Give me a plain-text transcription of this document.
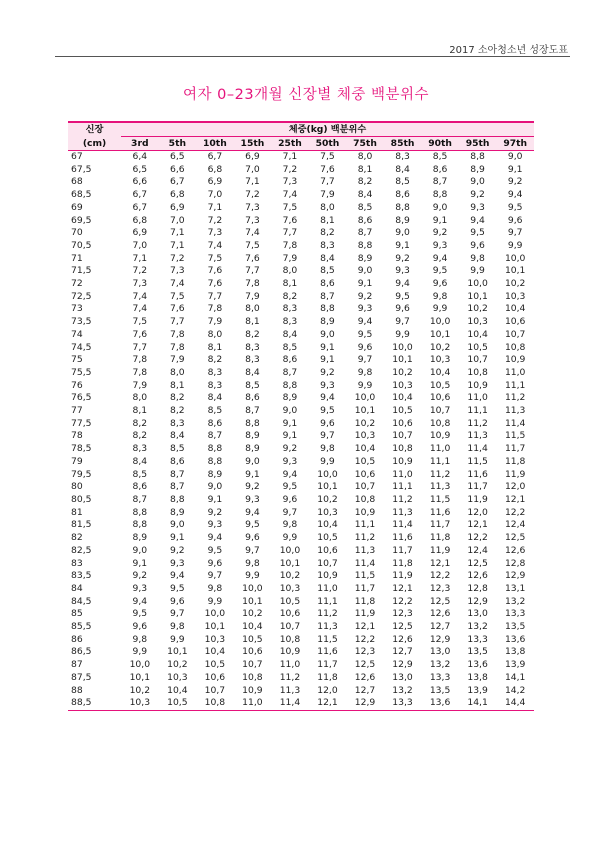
2017 소아청소년 성장도표
여자 0–23개월 신장별 체중 백분위수
신장	체중(kg) 백분위수										
(cm)	3rd	5th	10th	15th	25th	50th	75th	85th	90th	95th	97th
67	6,4	6,5	6,7	6,9	7,1	7,5	8,0	8,3	8,5	8,8	9,0
67,5	6,5	6,6	6,8	7,0	7,2	7,6	8,1	8,4	8,6	8,9	9,1
68	6,6	6,7	6,9	7,1	7,3	7,7	8,2	8,5	8,7	9,0	9,2
68,5	6,7	6,8	7,0	7,2	7,4	7,9	8,4	8,6	8,8	9,2	9,4
69	6,7	6,9	7,1	7,3	7,5	8,0	8,5	8,8	9,0	9,3	9,5
69,5	6,8	7,0	7,2	7,3	7,6	8,1	8,6	8,9	9,1	9,4	9,6
70	6,9	7,1	7,3	7,4	7,7	8,2	8,7	9,0	9,2	9,5	9,7
70,5	7,0	7,1	7,4	7,5	7,8	8,3	8,8	9,1	9,3	9,6	9,9
71	7,1	7,2	7,5	7,6	7,9	8,4	8,9	9,2	9,4	9,8	10,0
71,5	7,2	7,3	7,6	7,7	8,0	8,5	9,0	9,3	9,5	9,9	10,1
72	7,3	7,4	7,6	7,8	8,1	8,6	9,1	9,4	9,6	10,0	10,2
72,5	7,4	7,5	7,7	7,9	8,2	8,7	9,2	9,5	9,8	10,1	10,3
73	7,4	7,6	7,8	8,0	8,3	8,8	9,3	9,6	9,9	10,2	10,4
73,5	7,5	7,7	7,9	8,1	8,3	8,9	9,4	9,7	10,0	10,3	10,6
74	7,6	7,8	8,0	8,2	8,4	9,0	9,5	9,9	10,1	10,4	10,7
74,5	7,7	7,8	8,1	8,3	8,5	9,1	9,6	10,0	10,2	10,5	10,8
75	7,8	7,9	8,2	8,3	8,6	9,1	9,7	10,1	10,3	10,7	10,9
75,5	7,8	8,0	8,3	8,4	8,7	9,2	9,8	10,2	10,4	10,8	11,0
76	7,9	8,1	8,3	8,5	8,8	9,3	9,9	10,3	10,5	10,9	11,1
76,5	8,0	8,2	8,4	8,6	8,9	9,4	10,0	10,4	10,6	11,0	11,2
77	8,1	8,2	8,5	8,7	9,0	9,5	10,1	10,5	10,7	11,1	11,3
77,5	8,2	8,3	8,6	8,8	9,1	9,6	10,2	10,6	10,8	11,2	11,4
78	8,2	8,4	8,7	8,9	9,1	9,7	10,3	10,7	10,9	11,3	11,5
78,5	8,3	8,5	8,8	8,9	9,2	9,8	10,4	10,8	11,0	11,4	11,7
79	8,4	8,6	8,8	9,0	9,3	9,9	10,5	10,9	11,1	11,5	11,8
79,5	8,5	8,7	8,9	9,1	9,4	10,0	10,6	11,0	11,2	11,6	11,9
80	8,6	8,7	9,0	9,2	9,5	10,1	10,7	11,1	11,3	11,7	12,0
80,5	8,7	8,8	9,1	9,3	9,6	10,2	10,8	11,2	11,5	11,9	12,1
81	8,8	8,9	9,2	9,4	9,7	10,3	10,9	11,3	11,6	12,0	12,2
81,5	8,8	9,0	9,3	9,5	9,8	10,4	11,1	11,4	11,7	12,1	12,4
82	8,9	9,1	9,4	9,6	9,9	10,5	11,2	11,6	11,8	12,2	12,5
82,5	9,0	9,2	9,5	9,7	10,0	10,6	11,3	11,7	11,9	12,4	12,6
83	9,1	9,3	9,6	9,8	10,1	10,7	11,4	11,8	12,1	12,5	12,8
83,5	9,2	9,4	9,7	9,9	10,2	10,9	11,5	11,9	12,2	12,6	12,9
84	9,3	9,5	9,8	10,0	10,3	11,0	11,7	12,1	12,3	12,8	13,1
84,5	9,4	9,6	9,9	10,1	10,5	11,1	11,8	12,2	12,5	12,9	13,2
85	9,5	9,7	10,0	10,2	10,6	11,2	11,9	12,3	12,6	13,0	13,3
85,5	9,6	9,8	10,1	10,4	10,7	11,3	12,1	12,5	12,7	13,2	13,5
86	9,8	9,9	10,3	10,5	10,8	11,5	12,2	12,6	12,9	13,3	13,6
86,5	9,9	10,1	10,4	10,6	10,9	11,6	12,3	12,7	13,0	13,5	13,8
87	10,0	10,2	10,5	10,7	11,0	11,7	12,5	12,9	13,2	13,6	13,9
87,5	10,1	10,3	10,6	10,8	11,2	11,8	12,6	13,0	13,3	13,8	14,1
88	10,2	10,4	10,7	10,9	11,3	12,0	12,7	13,2	13,5	13,9	14,2
88,5	10,3	10,5	10,8	11,0	11,4	12,1	12,9	13,3	13,6	14,1	14,4
